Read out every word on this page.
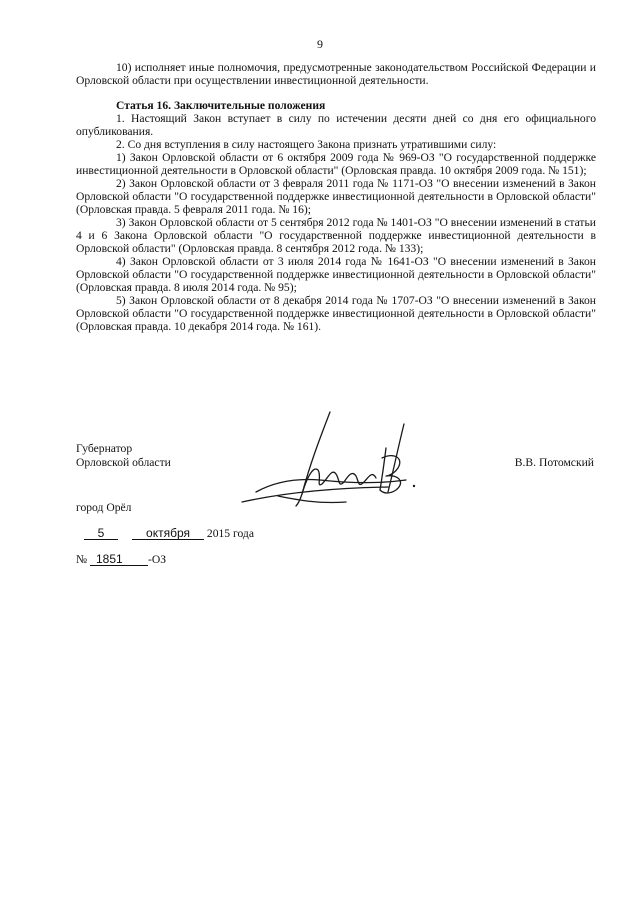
9

10) исполняет иные полномочия, предусмотренные законодательством Российской Федерации и Орловской области при осуществлении инвестиционной деятельности.

Статья 16. Заключительные положения

1. Настоящий Закон вступает в силу по истечении десяти дней со дня его официального опубликования.

2. Со дня вступления в силу настоящего Закона признать утратившими силу:

1) Закон Орловской области от 6 октября 2009 года № 969-ОЗ "О государственной поддержке инвестиционной деятельности в Орловской области" (Орловская правда. 10 октября 2009 года. № 151);

2) Закон Орловской области от 3 февраля 2011 года № 1171-ОЗ "О внесении изменений в Закон Орловской области "О государственной поддержке инвестиционной деятельности в Орловской области" (Орловская правда. 5 февраля 2011 года. № 16);

3) Закон Орловской области от 5 сентября 2012 года № 1401-ОЗ "О внесении изменений в статьи 4 и 6 Закона Орловской области "О государственной поддержке инвестиционной деятельности в Орловской области" (Орловская правда. 8 сентября 2012 года. № 133);

4) Закон Орловской области от 3 июля 2014 года № 1641-ОЗ "О внесении изменений в Закон Орловской области "О государственной поддержке инвестиционной деятельности в Орловской области" (Орловская правда. 8 июля 2014 года. № 95);

5) Закон Орловской области от 8 декабря 2014 года № 1707-ОЗ "О внесении изменений в Закон Орловской области "О государственной поддержке инвестиционной деятельности в Орловской области" (Орловская правда. 10 декабря 2014 года. № 161).

Губернатор
Орловской области	В.В. Потомский
город Орёл
5	октября 2015 года
№ 1851 -ОЗ
